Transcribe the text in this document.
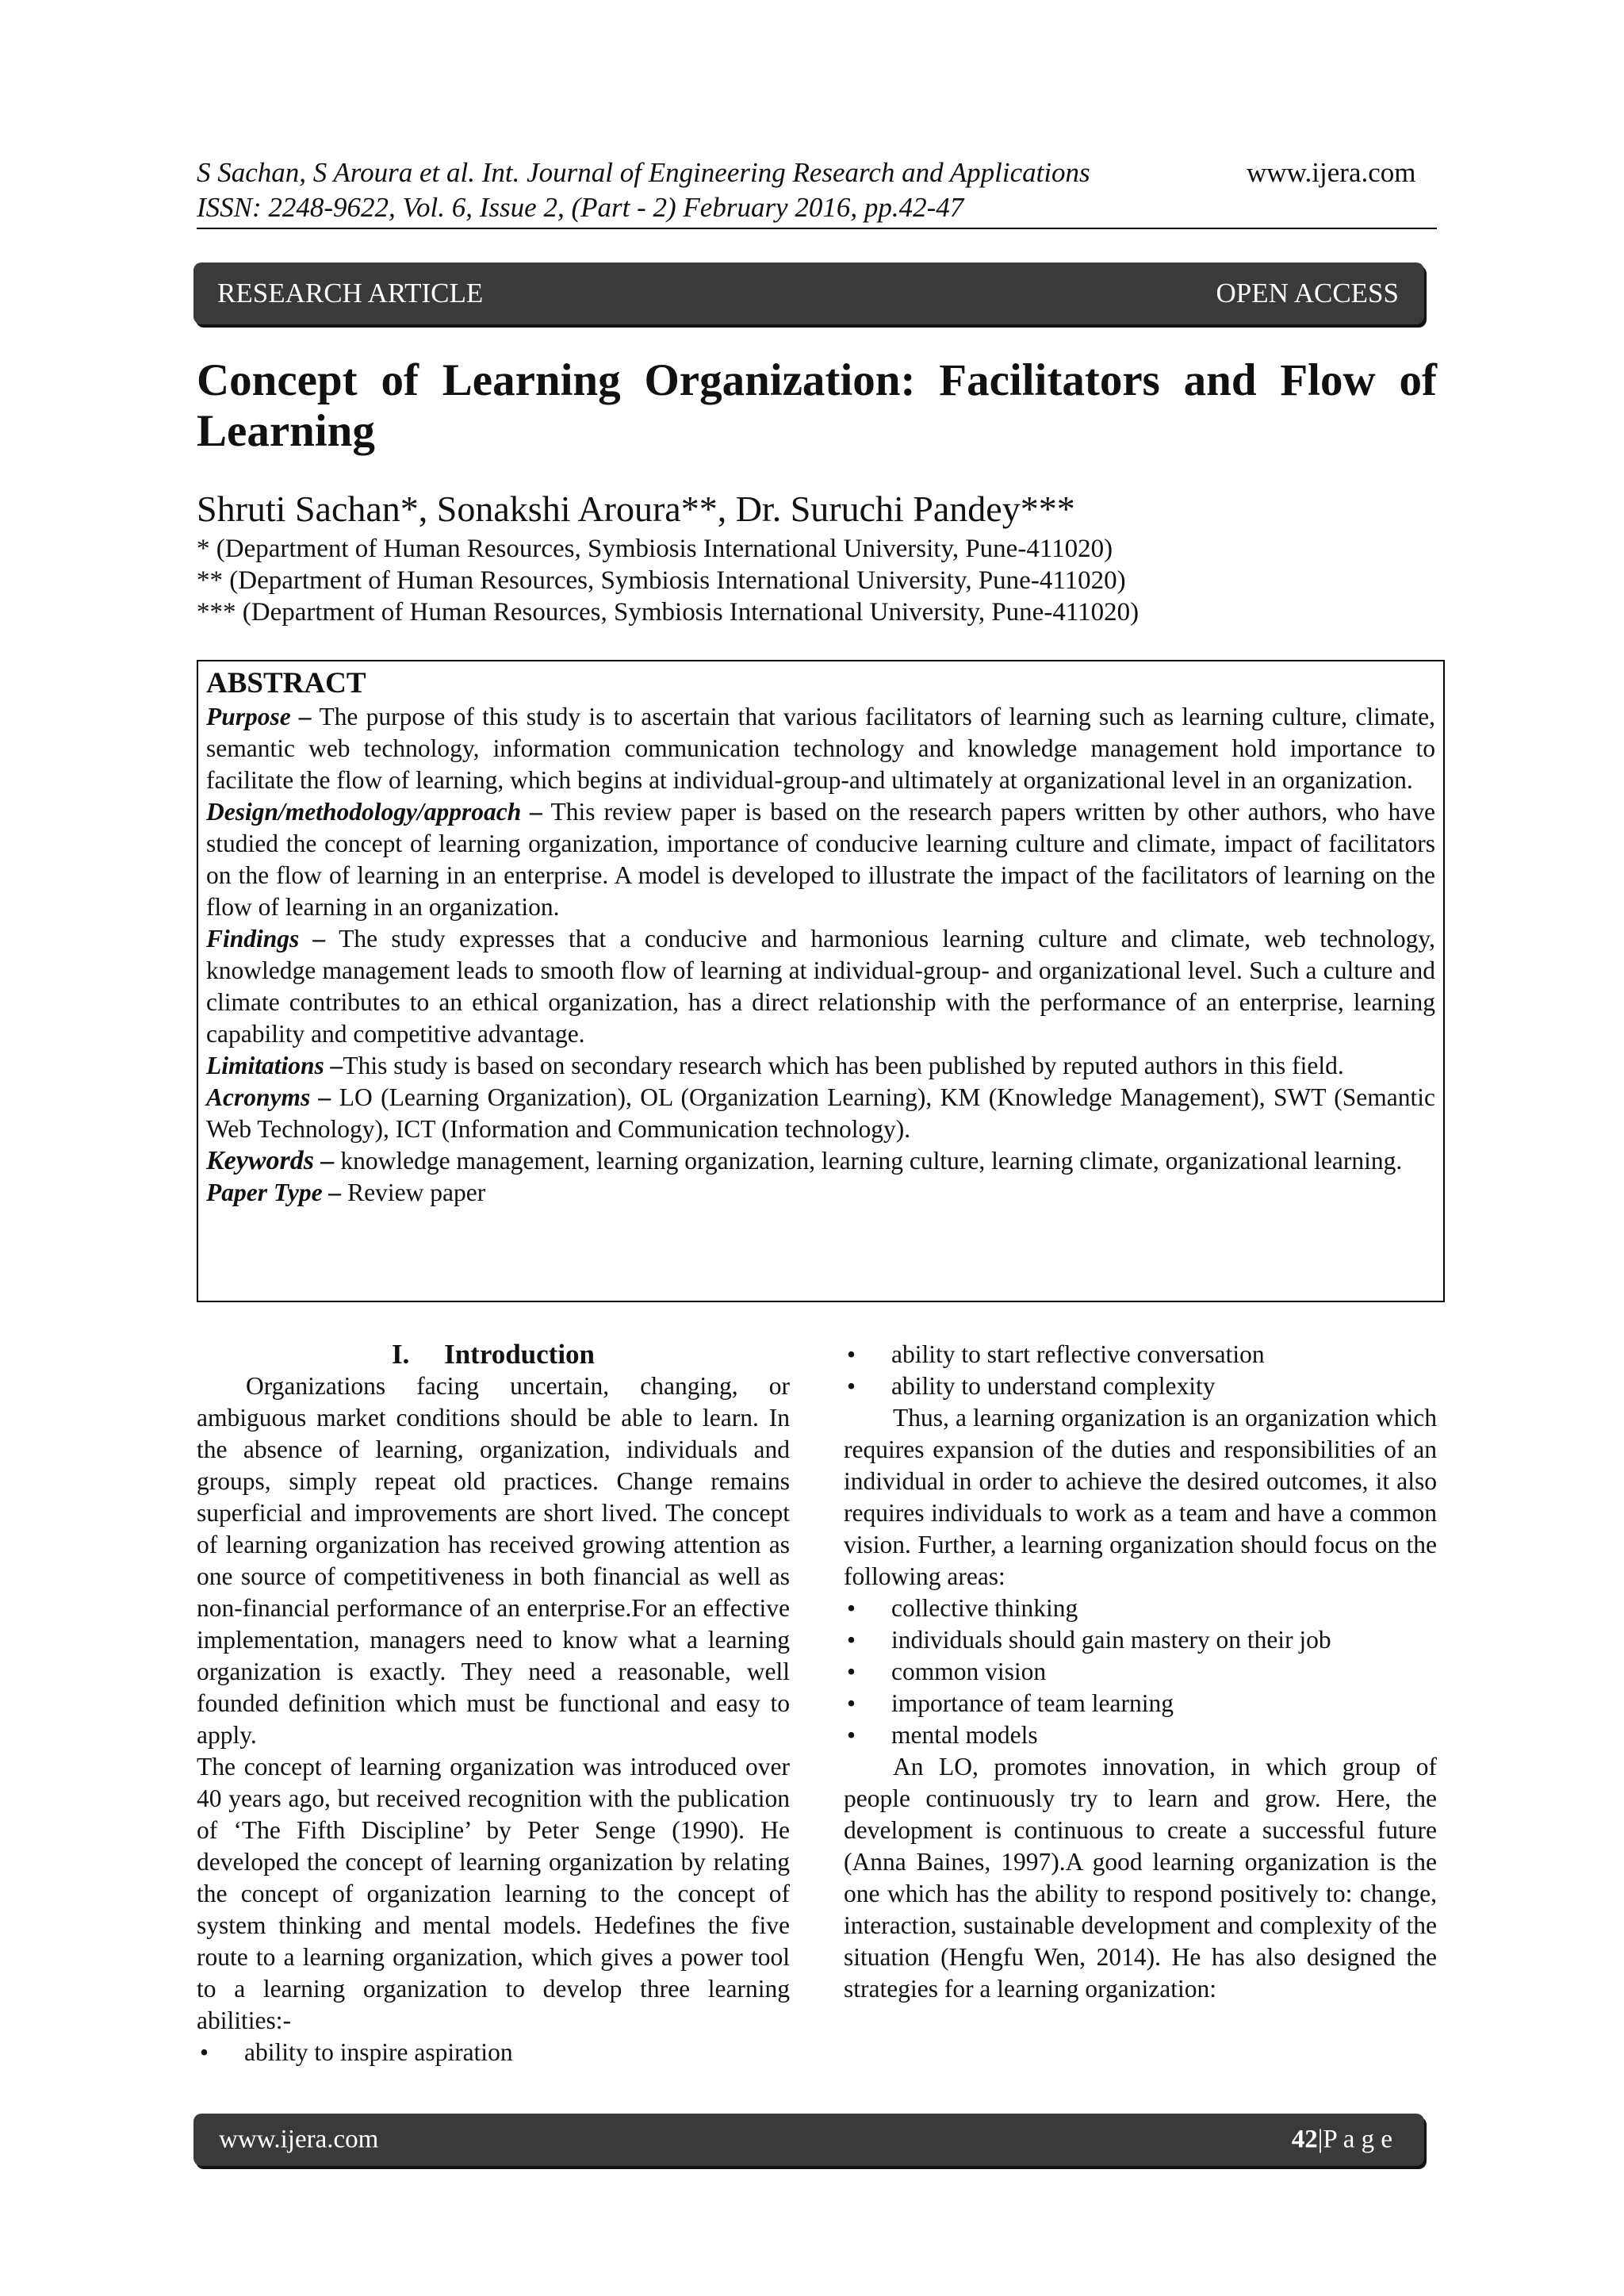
S Sachan, S Aroura et al. Int. Journal of Engineering Research and Applications	www.ijera.com
ISSN: 2248-9622, Vol. 6, Issue 2, (Part - 2) February 2016, pp.42-47
RESEARCH ARTICLE	OPEN ACCESS
Concept of Learning Organization: Facilitators and Flow of Learning
Shruti Sachan*, Sonakshi Aroura**, Dr. Suruchi Pandey***
* (Department of Human Resources, Symbiosis International University, Pune-411020)
** (Department of Human Resources, Symbiosis International University, Pune-411020)
*** (Department of Human Resources, Symbiosis International University, Pune-411020)
ABSTRACT

Purpose – The purpose of this study is to ascertain that various facilitators of learning such as learning culture, climate, semantic web technology, information communication technology and knowledge management hold importance to facilitate the flow of learning, which begins at individual-group-and ultimately at organizational level in an organization.

Design/methodology/approach – This review paper is based on the research papers written by other authors, who have studied the concept of learning organization, importance of conducive learning culture and climate, impact of facilitators on the flow of learning in an enterprise. A model is developed to illustrate the impact of the facilitators of learning on the flow of learning in an organization.

Findings – The study expresses that a conducive and harmonious learning culture and climate, web technology, knowledge management leads to smooth flow of learning at individual-group- and organizational level. Such a culture and climate contributes to an ethical organization, has a direct relationship with the performance of an enterprise, learning capability and competitive advantage.

Limitations –This study is based on secondary research which has been published by reputed authors in this field.

Acronyms – LO (Learning Organization), OL (Organization Learning), KM (Knowledge Management), SWT (Semantic Web Technology), ICT (Information and Communication technology).

Keywords – knowledge management, learning organization, learning culture, learning climate, organizational learning.

Paper Type – Review paper

I.     Introduction

Organizations facing uncertain, changing, or ambiguous market conditions should be able to learn. In the absence of learning, organization, individuals and groups, simply repeat old practices. Change remains superficial and improvements are short lived. The concept of learning organization has received growing attention as one source of competitiveness in both financial as well as non-financial performance of an enterprise.For an effective implementation, managers need to know what a learning organization is exactly. They need a reasonable, well founded definition which must be functional and easy to apply.

The concept of learning organization was introduced over 40 years ago, but received recognition with the publication of ‘The Fifth Discipline’ by Peter Senge (1990). He developed the concept of learning organization by relating the concept of organization learning to the concept of system thinking and mental models. Hedefines the five route to a learning organization, which gives a power tool to a learning organization to develop three learning abilities:-

• ability to inspire aspiration
• ability to start reflective conversation
• ability to understand complexity

Thus, a learning organization is an organization which requires expansion of the duties and responsibilities of an individual in order to achieve the desired outcomes, it also requires individuals to work as a team and have a common vision. Further, a learning organization should focus on the following areas:

• collective thinking
• individuals should gain mastery on their job
• common vision
• importance of team learning
• mental models

An LO, promotes innovation, in which group of people continuously try to learn and grow. Here, the development is continuous to create a successful future (Anna Baines, 1997).A good learning organization is the one which has the ability to respond positively to: change, interaction, sustainable development and complexity of the situation (Hengfu Wen, 2014). He has also designed the strategies for a learning organization:

www.ijera.com	42|P a g e
